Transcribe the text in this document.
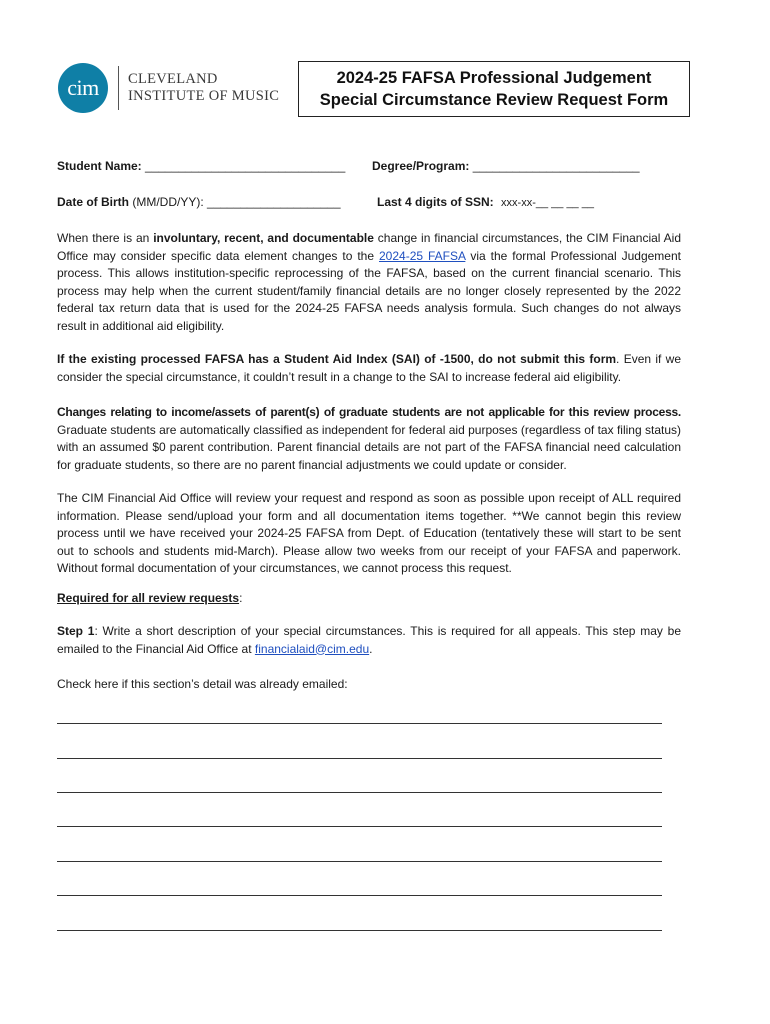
cim	CLEVELAND
INSTITUTE OF MUSIC
2024-25 FAFSA Professional Judgement
Special Circumstance Review Request Form
Student Name: ______________________________ Degree/Program: _________________________
Date of Birth (MM/DD/YY): ____________________	Last 4 digits of SSN: xxx-xx-__ __ __ __

When there is an involuntary, recent, and documentable change in financial circumstances, the CIM Financial Aid Office may consider specific data element changes to the 2024-25 FAFSA via the formal Professional Judgement process. This allows institution-specific reprocessing of the FAFSA, based on the current financial scenario. This process may help when the current student/family financial details are no longer closely represented by the 2022 federal tax return data that is used for the 2024-25 FAFSA needs analysis formula. Such changes do not always result in additional aid eligibility.

If the existing processed FAFSA has a Student Aid Index (SAI) of -1500, do not submit this form. Even if we consider the special circumstance, it couldn’t result in a change to the SAI to increase federal aid eligibility.

Changes relating to income/assets of parent(s) of graduate students are not applicable for this review process. Graduate students are automatically classified as independent for federal aid purposes (regardless of tax filing status) with an assumed $0 parent contribution. Parent financial details are not part of the FAFSA financial need calculation for graduate students, so there are no parent financial adjustments we could update or consider.

The CIM Financial Aid Office will review your request and respond as soon as possible upon receipt of ALL required information. Please send/upload your form and all documentation items together. **We cannot begin this review process until we have received your 2024-25 FAFSA from Dept. of Education (tentatively these will start to be sent out to schools and students mid-March). Please allow two weeks from our receipt of your FAFSA and paperwork. Without formal documentation of your circumstances, we cannot process this request.

Required for all review requests:

Step 1: Write a short description of your special circumstances. This is required for all appeals. This step may be emailed to the Financial Aid Office at financialaid@cim.edu.

Check here if this section’s detail was already emailed:
